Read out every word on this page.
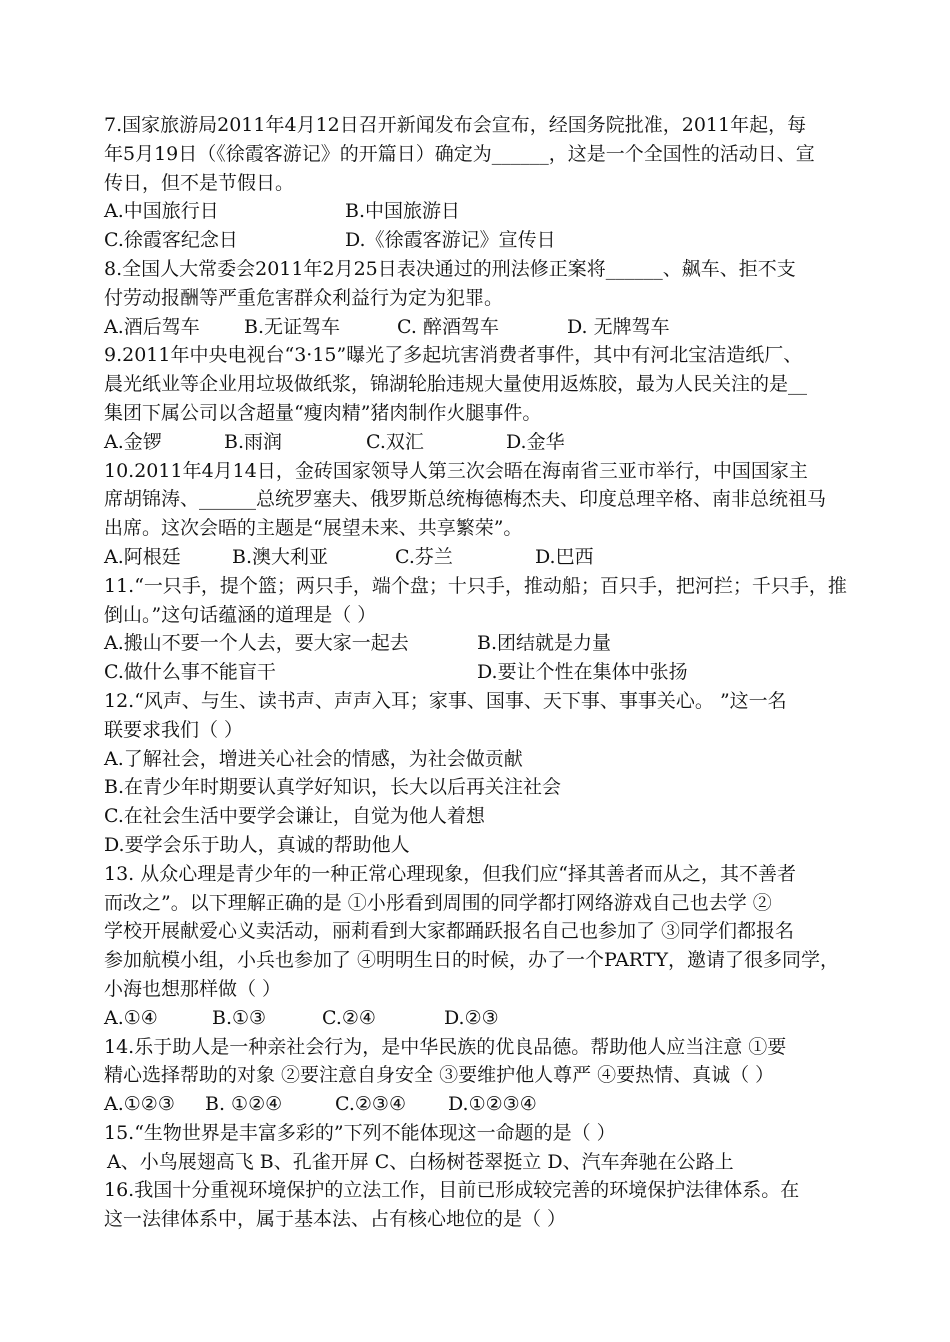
7.国家旅游局2011年4月12日召开新闻发布会宣布，经国务院批准，2011年起，每
年5月19日（《徐霞客游记》的开篇日）确定为______，这是一个全国性的活动日、宣
传日，但不是节假日。
A.中国旅行日	B.中国旅游日
C.徐霞客纪念日	D.《徐霞客游记》宣传日
8.全国人大常委会2011年2月25日表决通过的刑法修正案将______、飙车、拒不支
付劳动报酬等严重危害群众利益行为定为犯罪。
A.酒后驾车	B.无证驾车	C. 醉酒驾车	D. 无牌驾车
9.2011年中央电视台“3·15”曝光了多起坑害消费者事件，其中有河北宝洁造纸厂、
晨光纸业等企业用垃圾做纸浆，锦湖轮胎违规大量使用返炼胶，最为人民关注的是__
集团下属公司以含超量“瘦肉精”猪肉制作火腿事件。
A.金锣	B.雨润	C.双汇	D.金华
10.2011年4月14日，金砖国家领导人第三次会晤在海南省三亚市举行，中国国家主
席胡锦涛、______总统罗塞夫、俄罗斯总统梅德梅杰夫、印度总理辛格、南非总统祖马
出席。这次会晤的主题是“展望未来、共享繁荣”。
A.阿根廷	B.澳大利亚	C.芬兰	D.巴西
11.“一只手，提个篮；两只手，端个盘；十只手，推动船；百只手，把河拦；千只手，推
倒山。”这句话蕴涵的道理是（ ）
A.搬山不要一个人去，要大家一起去	B.团结就是力量
C.做什么事不能盲干	D.要让个性在集体中张扬
12.“风声、与生、读书声、声声入耳；家事、国事、天下事、事事关心。 ”这一名
联要求我们（ ）
A.了解社会，增进关心社会的情感，为社会做贡献
B.在青少年时期要认真学好知识，长大以后再关注社会
C.在社会生活中要学会谦让，自觉为他人着想
D.要学会乐于助人，真诚的帮助他人
13. 从众心理是青少年的一种正常心理现象，但我们应“择其善者而从之，其不善者
而改之”。以下理解正确的是 ①小彤看到周围的同学都打网络游戏自己也去学 ②
学校开展献爱心义卖活动，丽莉看到大家都踊跃报名自己也参加了 ③同学们都报名
参加航模小组，小兵也参加了 ④明明生日的时候，办了一个PARTY，邀请了很多同学，
小海也想那样做（ ）
A.①④	B.①③	C.②④	D.②③
14.乐于助人是一种亲社会行为，是中华民族的优良品德。帮助他人应当注意 ①要
精心选择帮助的对象 ②要注意自身安全 ③要维护他人尊严 ④要热情、真诚（ ）
A.①②③	B. ①②④	C.②③④	D.①②③④
15.“生物世界是丰富多彩的”下列不能体现这一命题的是（ ）
A、小鸟展翅高飞 B、孔雀开屏 C、白杨树苍翠挺立 D、汽车奔驰在公路上
16.我国十分重视环境保护的立法工作，目前已形成较完善的环境保护法律体系。在
这一法律体系中，属于基本法、占有核心地位的是（ ）
